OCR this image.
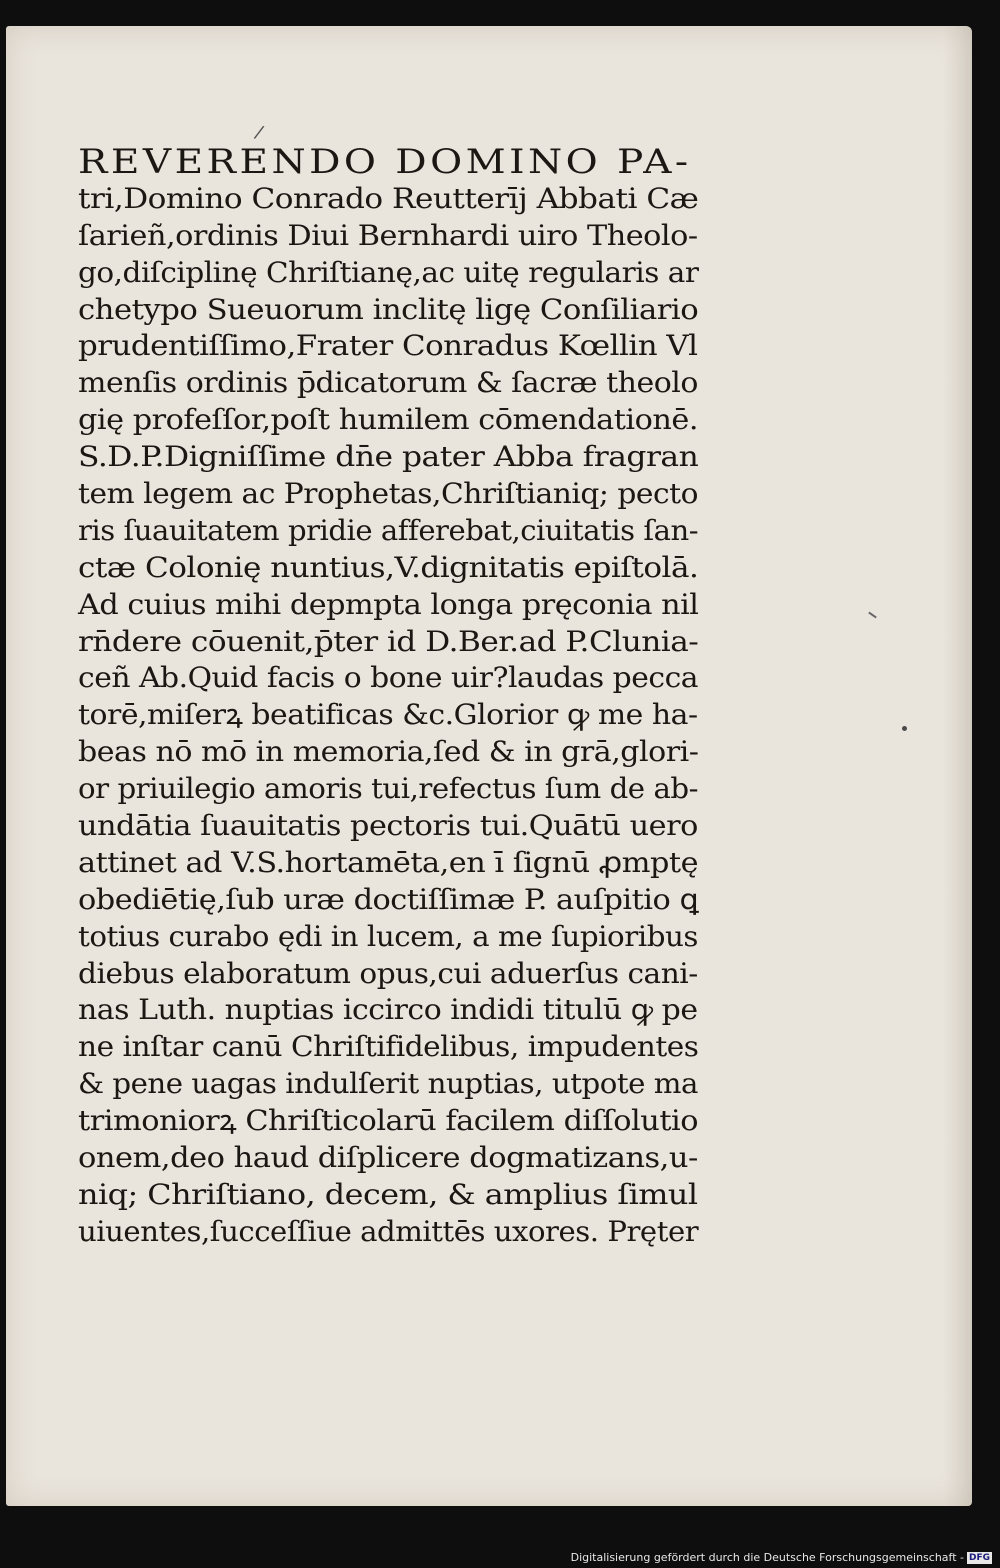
/
REVERENDO DOMINO PA-
tri,Domino Conrado Reutterīj Abbati Cæ
ſarieñ,ordinis Diui Bernhardi uiro Theolo-
go,diſciplinę Chriſtianę,ac uitę regularis ar
chetypo Sueuorum inclitę ligę Conſiliario
prudentiſſimo,Frater Conradus Kœllin Vl
menſis ordinis p̄dicatorum & ſacræ theolo
gię profeſſor,poſt humilem cōmendationē.
S.D.P.Digniſſime dn̄e pater Abba fragran
tem legem ac Prophetas,Chriſtianiq; pecto
ris ſuauitatem pridie afferebat,ciuitatis ſan-
ctæ Colonię nuntius,V.dignitatis epiſtolā.
Ad cuius mihi depmpta longa pręconia nil
rn̄dere cōuenit,p̄ter id D.Ber.ad P.Clunia-
ceñ Ab.Quid facis o bone uir?laudas pecca
torē,miſerꝝ beatificas &c.Glorior ꝙ me ha-
beas nō mō in memoria,ſed & in grā,glori-
or priuilegio amoris tui,refectus ſum de ab-
undātia ſuauitatis pectoris tui.Quātū uero
attinet ad V.S.hortamēta,en ī ſignū ꝓmptę
obediētię,ſub uræ doctiſſimæ P. auſpitio ꝗ
totius curabo ędi in lucem, a me ſupioribus
diebus elaboratum opus,cui aduerſus cani-
nas Luth. nuptias iccirco indidi titulū ꝙ pe
ne inſtar canū Chriſtifidelibus, impudentes
& pene uagas indulſerit nuptias, utpote ma
trimoniorꝝ Chriſticolarū facilem diſſolutio
onem,deo haud diſplicere dogmatizans,u-
niq; Chriſtiano, decem, & amplius ſimul
uiuentes,ſucceſſiue admittēs uxores. Pręter
Digitalisierung gefördert durch die Deutsche Forschungsgemeinschaft - DFG
